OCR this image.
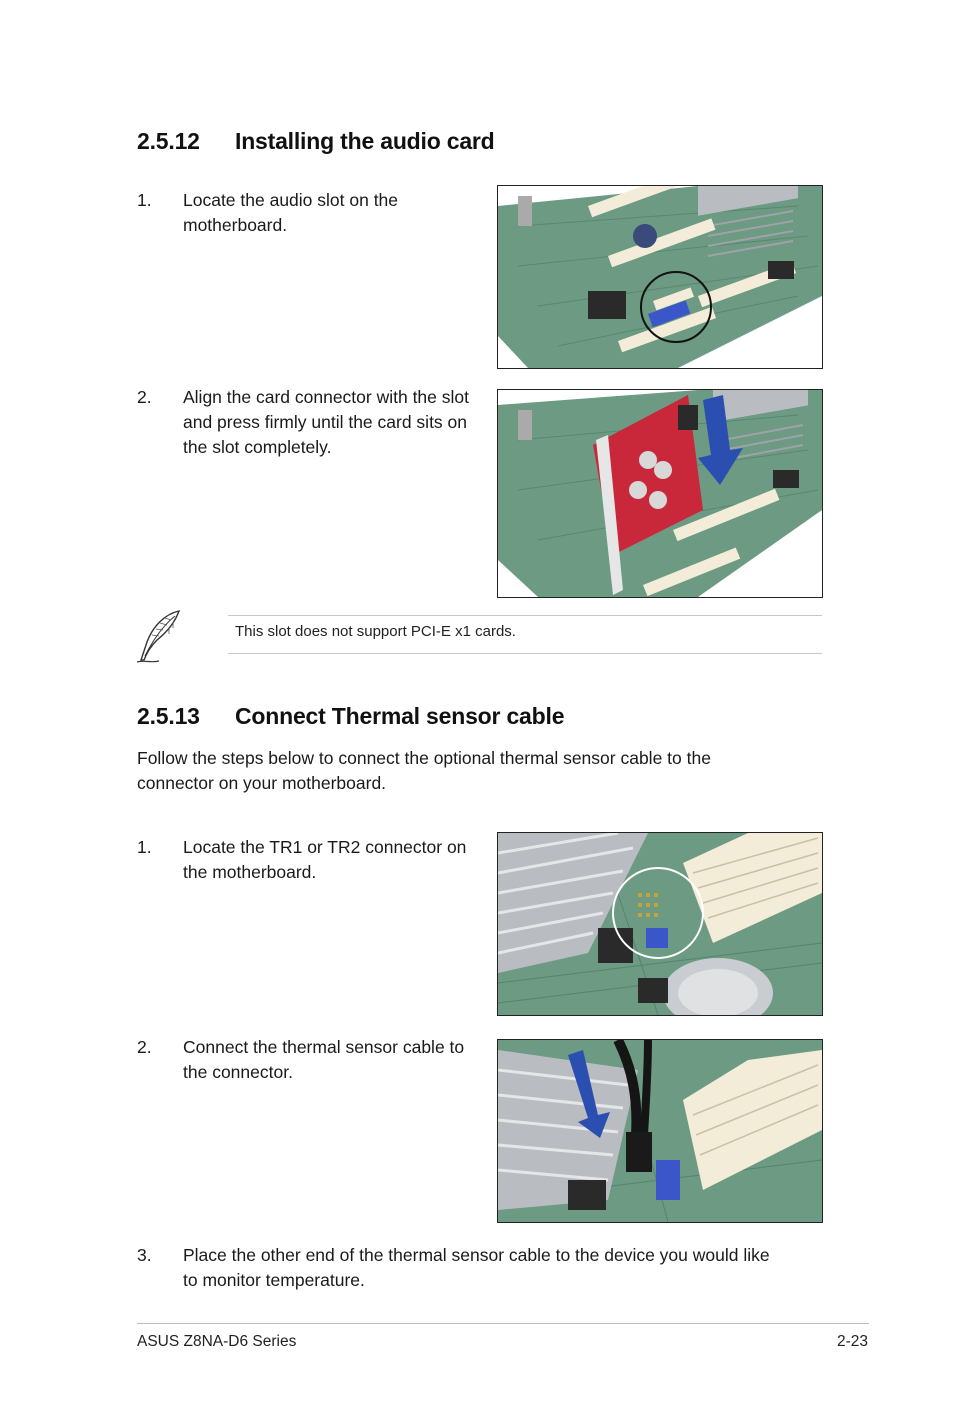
2.5.12 Installing the audio card
1. Locate the audio slot on the
motherboard.
2. Align the card connector with the slot
and press firmly until the card sits on
the slot completely.
This slot does not support PCI-E x1 cards.
2.5.13 Connect Thermal sensor cable
Follow the steps below to connect the optional thermal sensor cable to the
connector on your motherboard.
1. Locate the TR1 or TR2 connector on
the motherboard.
2. Connect the thermal sensor cable to
the connector.
3. Place the other end of the thermal sensor cable to the device you would like
to monitor temperature.
ASUS Z8NA-D6 Series	2-23
